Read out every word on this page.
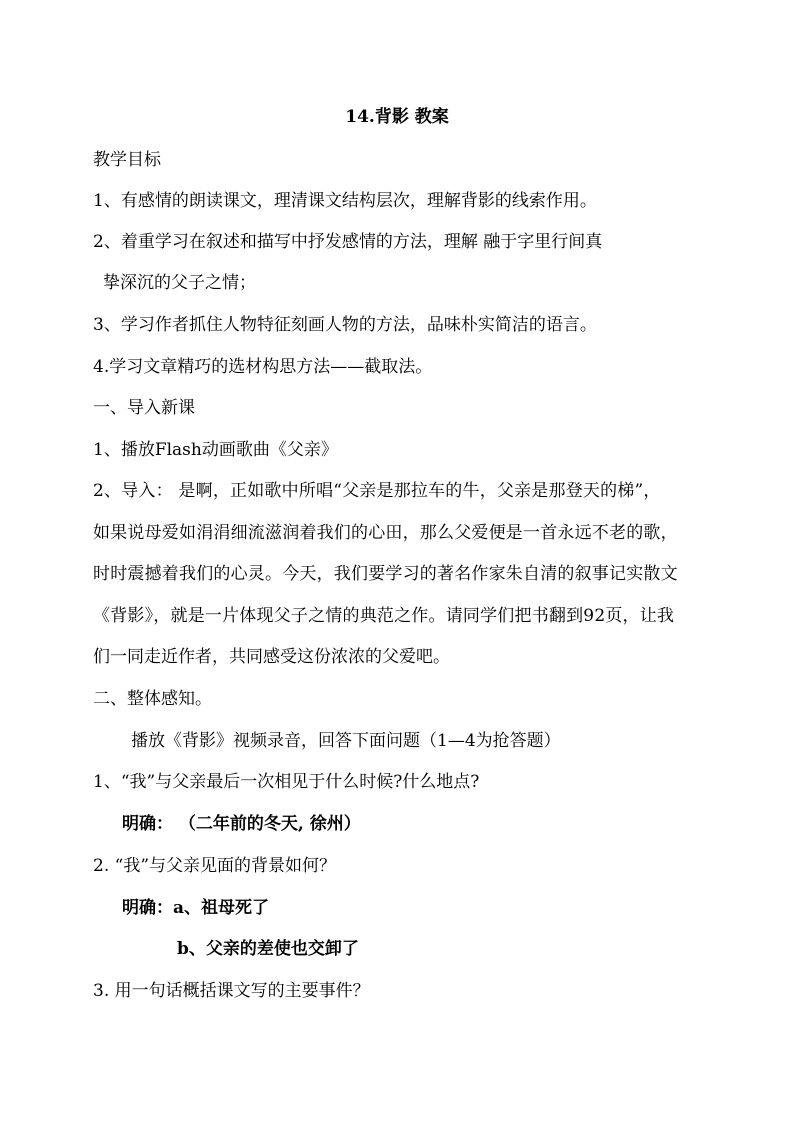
14.背影 教案
教学目标
1、有感情的朗读课文，理清课文结构层次，理解背影的线索作用。
2、着重学习在叙述和描写中抒发感情的方法，理解 融于字里行间真
挚深沉的父子之情；
3、学习作者抓住人物特征刻画人物的方法，品味朴实简洁的语言。
4.学习文章精巧的选材构思方法——截取法。
一、导入新课
1、播放Flash动画歌曲《父亲》
2、导入： 是啊，正如歌中所唱“父亲是那拉车的牛，父亲是那登天的梯”，
如果说母爱如涓涓细流滋润着我们的心田，那么父爱便是一首永远不老的歌，
时时震撼着我们的心灵。今天，我们要学习的著名作家朱自清的叙事记实散文
《背影》，就是一片体现父子之情的典范之作。请同学们把书翻到92页，让我
们一同走近作者，共同感受这份浓浓的父爱吧。
二、整体感知。
播放《背影》视频录音，回答下面问题（1—4为抢答题）
1、“我”与父亲最后一次相见于什么时候?什么地点?
明确： （二年前的冬天, 徐州）
2. “我”与父亲见面的背景如何？
明确：a、祖母死了
b、父亲的差使也交卸了
3. 用一句话概括课文写的主要事件？
